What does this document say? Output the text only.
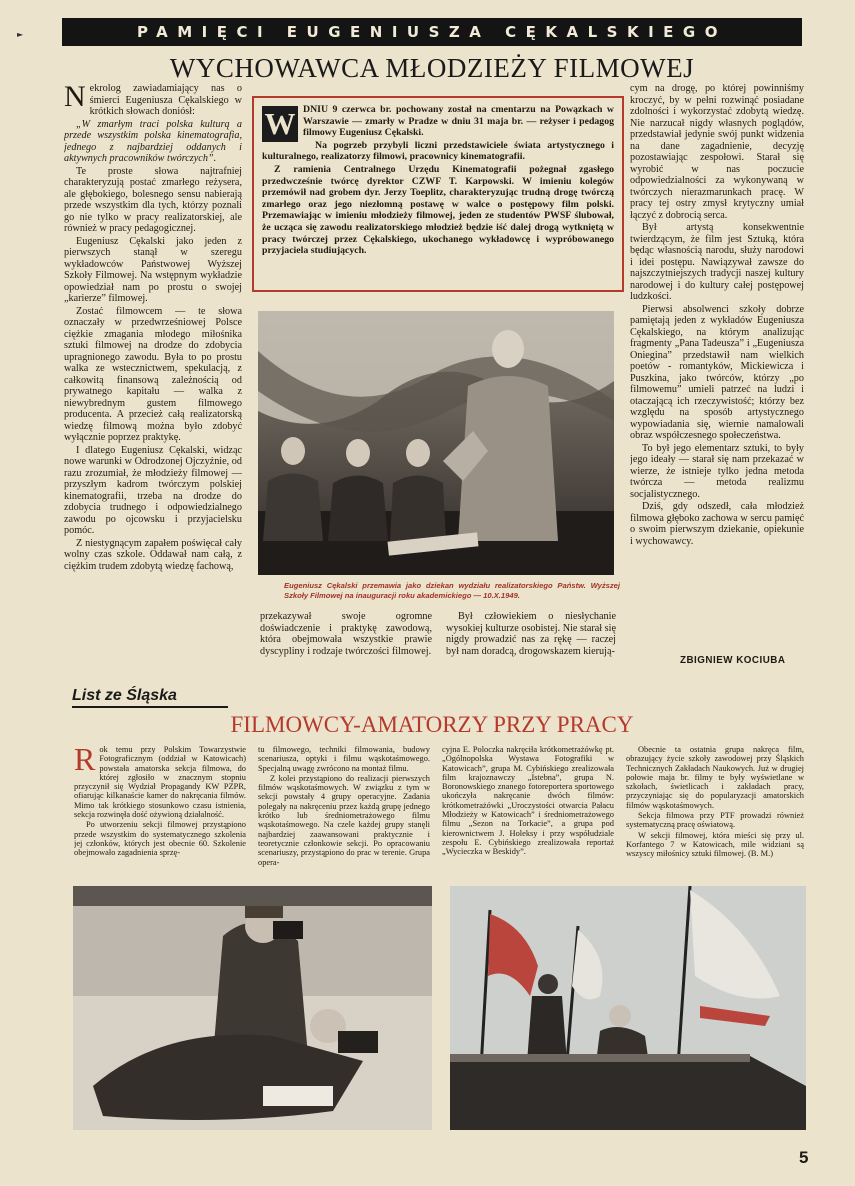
►	PAMIĘCI EUGENIUSZA CĘKALSKIEGO
WYCHOWAWCA MŁODZIEŻY FILMOWEJ

Nekrolog zawiadamiający nas o śmierci Eugeniusza Cękalskiego w krótkich słowach doniósł:

„W zmarłym traci polska kulturą a przede wszystkim polska kinematografia, jednego z najbardziej oddanych i aktywnych pracowników twórczych”.

Te proste słowa najtrafniej charakteryzują postać zmarłego reżysera, ale głębokiego, bolesnego sensu nabierają przede wszystkim dla tych, którzy poznali go nie tylko w pracy realizatorskiej, ale również w pracy pedagogicznej.

Eugeniusz Cękalski jako jeden z pierwszych stanął w szeregu wykładowców Państwowej Wyższej Szkoły Filmowej. Na wstępnym wykładzie opowiedział nam po prostu o swojej „karierze” filmowej.

Zostać filmowcem — te słowa oznaczały w przedwrześniowej Polsce ciężkie zmagania młodego miłośnika sztuki filmowej na drodze do zdobycia upragnionego zawodu. Była to po prostu walka ze wstecznictwem, spekulacją, z całkowitą finansową zależnością od prywatnego kapitału — walka z niewybrednym gustem filmowego producenta. A przecież całą realizatorską wiedzę filmową można było zdobyć wyłącznie poprzez praktykę.

I dlatego Eugeniusz Cękalski, widząc nowe warunki w Odrodzonej Ojczyźnie, od razu zrozumiał, że młodzieży filmowej — przyszłym kadrom twórczym polskiej kinematografii, trzeba na drodze do zdobycia trudnego i odpowiedzialnego zawodu po ojcowsku i przyjacielsku pomóc.

Z niestygnącym zapałem poświęcał cały wolny czas szkole. Oddawał nam całą, z ciężkim trudem zdobytą wiedzę fachową,

W DNIU 9 czerwca br. pochowany został na cmentarzu na Powązkach w Warszawie — zmarły w Pradze w dniu 31 maja br. — reżyser i pedagog filmowy Eugeniusz Cękalski.

Na pogrzeb przybyli liczni przedstawiciele świata artystycznego i kulturalnego, realizatorzy filmowi, pracownicy kinematografii.

Z ramienia Centralnego Urzędu Kinematografii pożegnał zgasłego przedwcześnie twórcę dyrektor CZWF T. Karpowski. W imieniu kolegów przemówił nad grobem dyr. Jerzy Toeplitz, charakteryzując trudną drogę twórczą zmarłego oraz jego niezłomną postawę w walce o postępowy film polski. Przemawiając w imieniu młodzieży filmowej, jeden ze studentów PWSF ślubował, że ucząca się zawodu realizatorskiego młodzież będzie iść dalej drogą wytkniętą w pracy twórczej przez Cękalskiego, ukochanego wykładowcę i wypróbowanego przyjaciela studiujących.

Eugeniusz Cękalski przemawia jako dziekan wydziału realizatorskiego Państw. Wyższej Szkoły Filmowej na inauguracji roku akademickiego — 10.X.1949.

przekazywał swoje ogromne doświadczenie i praktykę zawodową, która obejmowała wszystkie prawie dyscypliny i rodzaje twórczości filmowej.

Był człowiekiem o niesłychanie wysokiej kulturze osobistej. Nie starał się nigdy prowadzić nas za rękę — raczej był nam doradcą, drogowskazem kierują-

cym na drogę, po której powinniśmy kroczyć, by w pełni rozwinąć posiadane zdolności i wykorzystać zdobytą wiedzę. Nie narzucał nigdy własnych poglądów, przedstawiał jedynie swój punkt widzenia na dane zagadnienie, decyzję pozostawiając zespołowi. Starał się wyrobić w nas poczucie odpowiedzialności za wykonywaną w twórczych nierazmarunkach pracę. W pracy tej ostry zmysł krytyczny umiał łączyć z dobrocią serca.

Był artystą konsekwentnie twierdzącym, że film jest Sztuką, która będąc własnością narodu, służy narodowi i idei postępu. Nawiązywał zawsze do najszczytniejszych tradycji naszej kultury narodowej i do kultury całej postępowej ludzkości.

Pierwsi absolwenci szkoły dobrze pamiętają jeden z wykładów Eugeniusza Cękalskiego, na którym analizując fragmenty „Pana Tadeusza” i „Eugeniusza Oniegina” przedstawił nam wielkich poetów - romantyków, Mickiewicza i Puszkina, jako twórców, którzy „po filmowemu” umieli patrzeć na ludzi i otaczającą ich rzeczywistość; którzy bez względu na sposób artystycznego wypowiadania się, wiernie namalowali obraz współczesnego społeczeństwa.

To był jego elementarz sztuki, to były jego ideały — starał się nam przekazać w wierze, że istnieje tylko jedna metoda twórcza — metoda realizmu socjalistycznego.

Dziś, gdy odszedł, cała młodzież filmowa głęboko zachowa w sercu pamięć o swoim pierwszym dziekanie, opiekunie i wychowawcy.

ZBIGNIEW KOCIUBA
List ze Śląska
FILMOWCY-AMATORZY PRZY PRACY

Rok temu przy Polskim Towarzystwie Fotograficznym (oddział w Katowicach) powstała amatorska sekcja filmowa, do której zgłosiło w znacznym stopniu przyczynił się Wydział Propagandy KW PZPR, ofiarując kilkanaście kamer do nakręcania filmów. Mimo tak krótkiego stosunkowo czasu istnienia, sekcja rozwinęła dość ożywioną działalność.

Po utworzeniu sekcji filmowej przystąpiono przede wszystkim do systematycznego szkolenia jej członków, których jest obecnie 60. Szkolenie obejmowało zagadnienia sprzę-

tu filmowego, techniki filmowania, budowy scenariusza, optyki i filmu wąskotaśmowego. Specjalną uwagę zwrócono na montaż filmu.

Z kolei przystąpiono do realizacji pierwszych filmów wąskotaśmowych. W związku z tym w sekcji powstały 4 grupy operacyjne. Zadania polegały na nakręceniu przez każdą grupę jednego krótko lub średniometrażowego filmu wąskotaśmowego. Na czele każdej grupy stanęli najbardziej zaawansowani praktycznie i teoretycznie członkowie sekcji. Po opracowaniu scenariuszy, przystąpiono do prac w terenie. Grupa opera-

cyjna E. Poloczka nakręciła krótkometrażówkę pt. „Ogólnopolska Wystawa Fotografiki w Katowicach”, grupa M. Cybińskiego zrealizowała film krajoznawczy „Istebna”, grupa N. Boronowskiego znanego fotoreportera sportowego ukończyła nakręcanie dwóch filmów: krótkometrażówki „Uroczystości otwarcia Pałacu Młodzieży w Katowicach” i średniometrażowego filmu „Sezon na Torkacie”, a grupa pod kierownictwem J. Holeksy i przy współudziale zespołu E. Cybińskiego zrealizowała reportaż „Wycieczka w Beskidy”.

Obecnie ta ostatnia grupa nakręca film, obrazujący życie szkoły zawodowej przy Śląskich Technicznych Zakładach Naukowych. Już w drugiej połowie maja br. filmy te były wyświetlane w szkołach, świetlicach i zakładach pracy, przyczyniając się do popularyzacji amatorskich filmów wąskotaśmowych.

Sekcja filmowa przy PTF prowadzi również systematyczną pracę oświatową.

W sekcji filmowej, która mieści się przy ul. Korfantego 7 w Katowicach, mile widziani są wszyscy miłośnicy sztuki filmowej. (B. M.)

5
